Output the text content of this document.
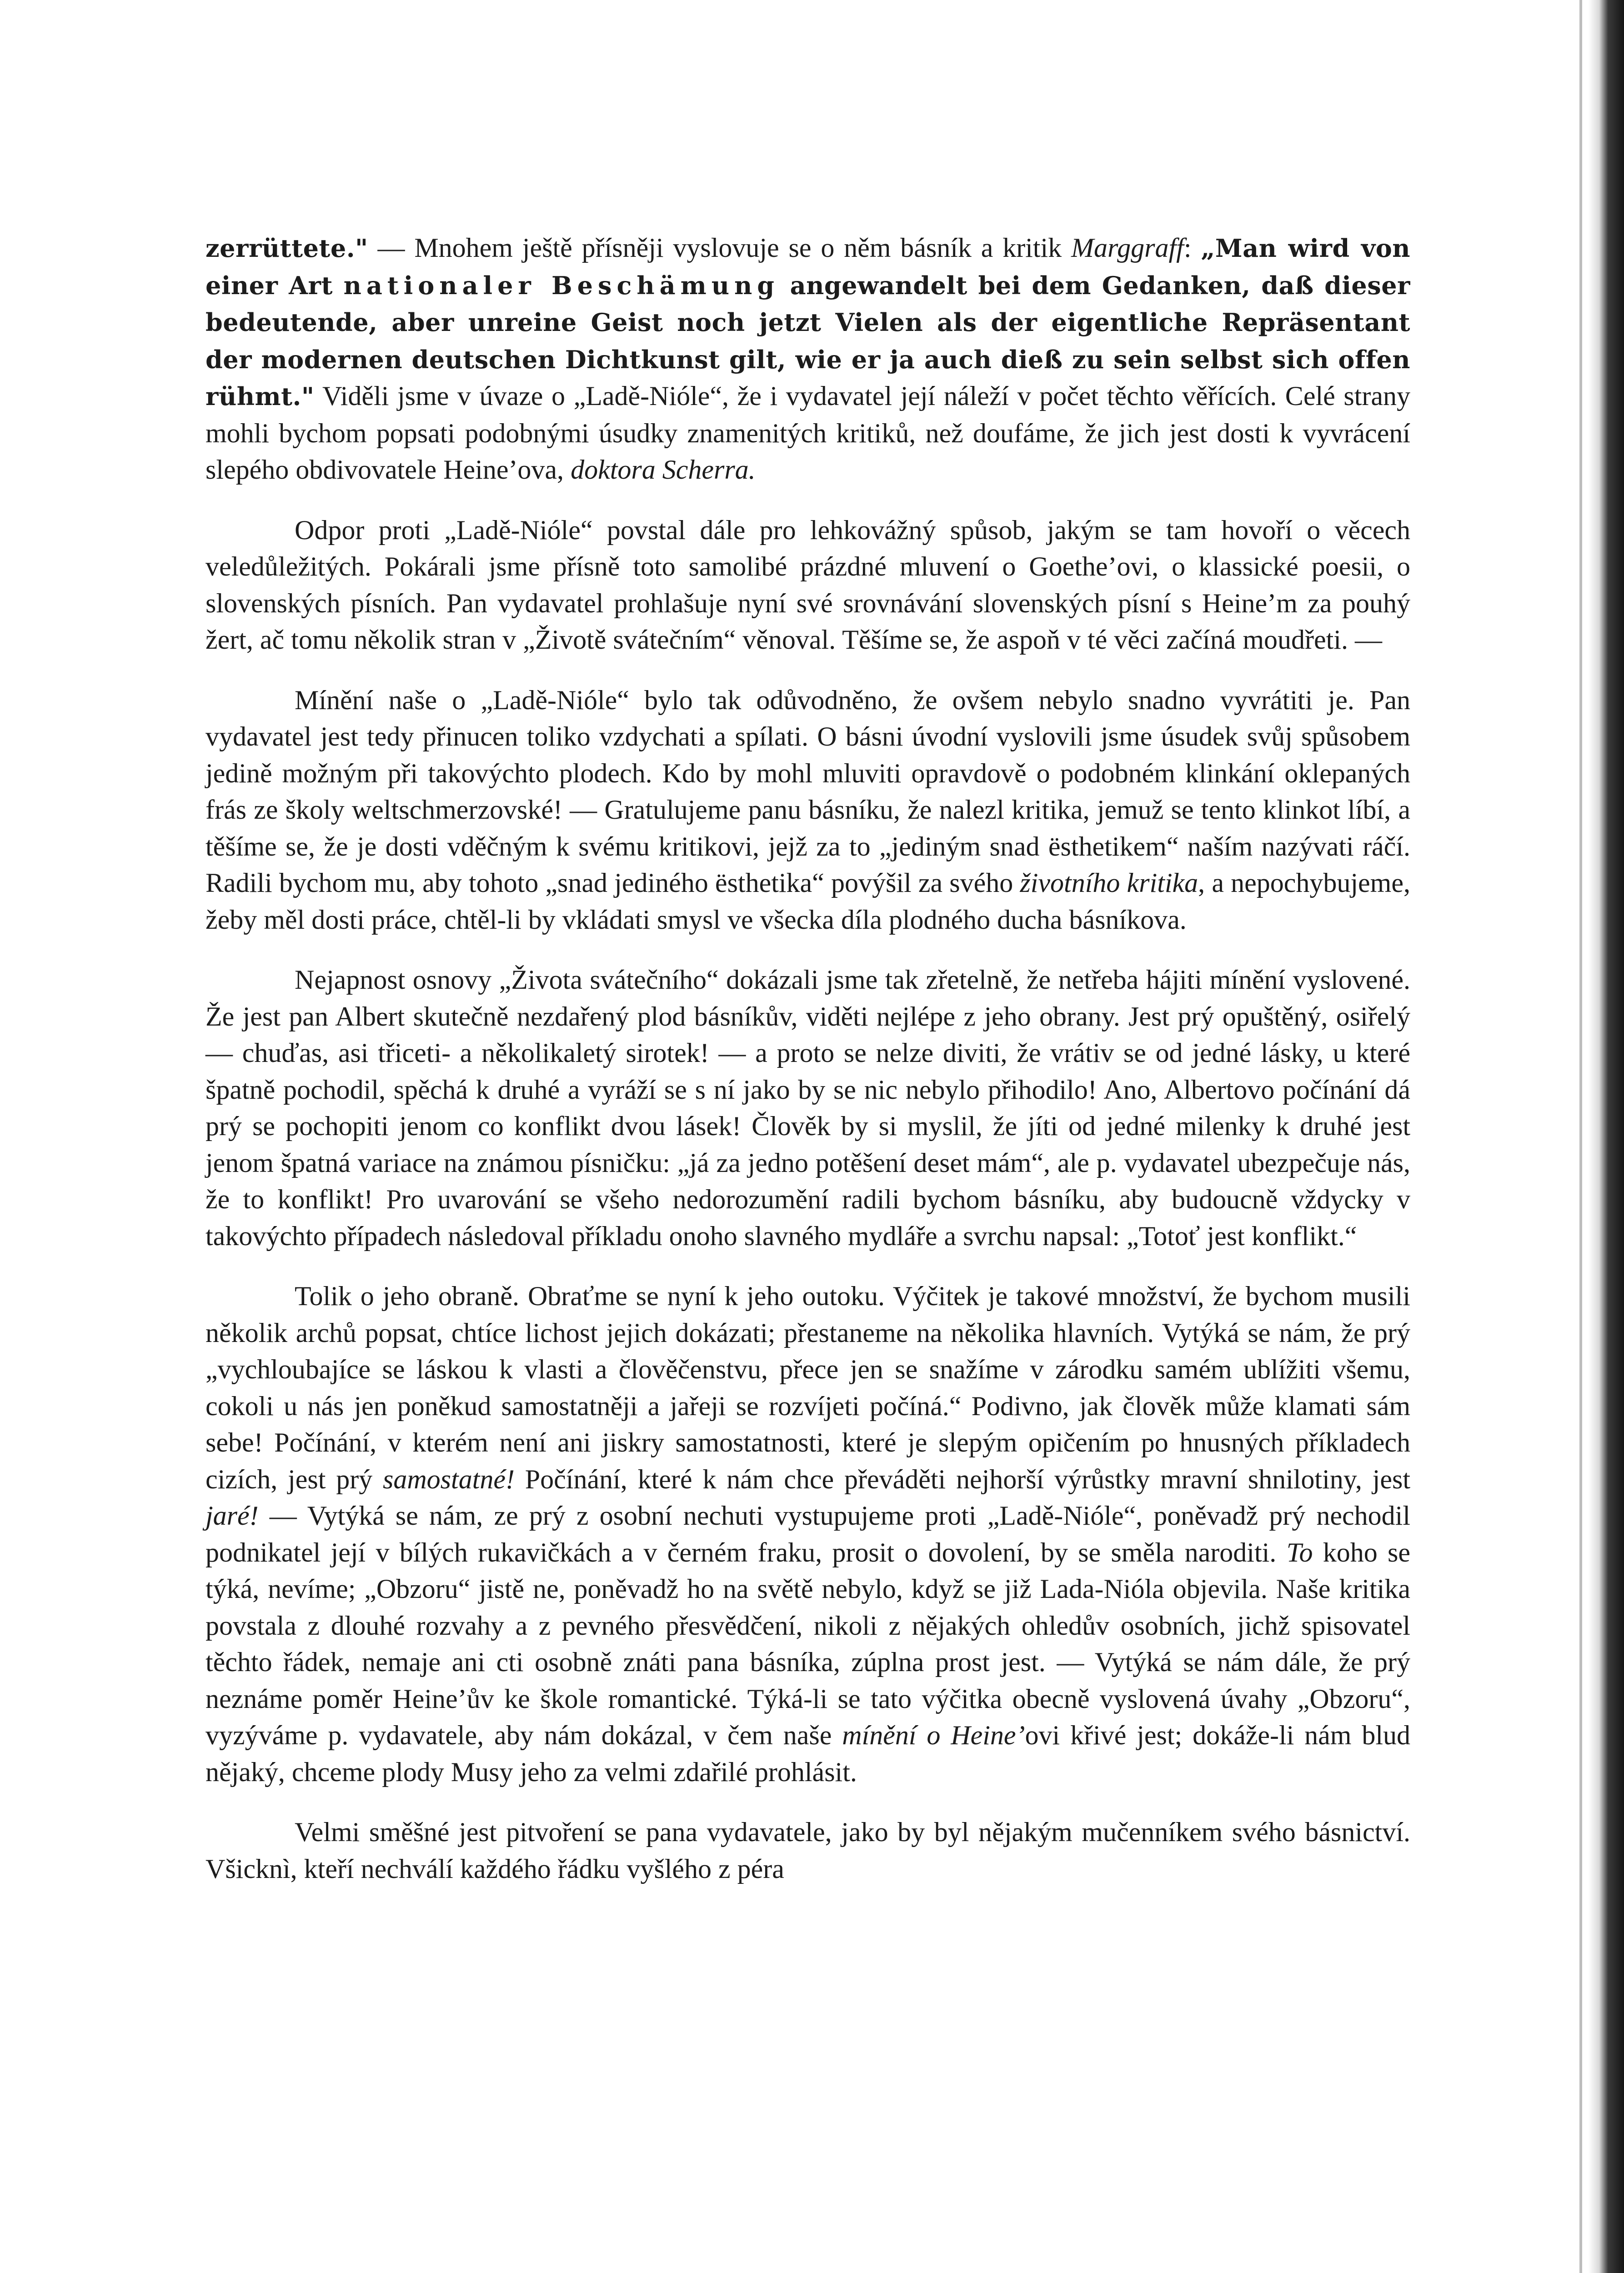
zerrüttete." — Mnohem ještě přísněji vyslovuje se o něm básník a kritik Marggraff: „Man wird von einer Art nationaler Beschämung angewandelt bei dem Gedanken, daß dieser bedeutende, aber unreine Geist noch jetzt Vielen als der eigentliche Repräsentant der modernen deutschen Dichtkunst gilt, wie er ja auch dieß zu sein selbst sich offen rühmt." Viděli jsme v úvaze o „Ladě-Nióle“, že i vydavatel její náleží v počet těchto věřících. Celé strany mohli bychom popsati podobnými úsudky znamenitých kritiků, než doufáme, že jich jest dosti k vyvrácení slepého obdivovatele Heine’ova, doktora Scherra.

Odpor proti „Ladě-Nióle“ povstal dále pro lehkovážný spůsob, jakým se tam hovoří o věcech veledůležitých. Pokárali jsme přísně toto samolibé prázdné mluvení o Goethe’ovi, o klassické poesii, o slovenských písních. Pan vydavatel prohlašuje nyní své srovnávání slovenských písní s Heine’m za pouhý žert, ač tomu několik stran v „Životě svátečním“ věnoval. Těšíme se, že aspoň v té věci začíná moudřeti. —

Mínění naše o „Ladě-Nióle“ bylo tak odůvodněno, že ovšem nebylo snadno vyvrátiti je. Pan vydavatel jest tedy přinucen toliko vzdychati a spílati. O básni úvodní vyslovili jsme úsudek svůj spůsobem jedině možným při takovýchto plodech. Kdo by mohl mluviti opravdově o podobném klinkání oklepaných frás ze školy weltschmerzovské! — Gratulujeme panu básníku, že nalezl kritika, jemuž se tento klinkot líbí, a těšíme se, že je dosti vděčným k svému kritikovi, jejž za to „jediným snad ësthetikem“ naším nazývati ráčí. Radili bychom mu, aby tohoto „snad jediného ësthetika“ povýšil za svého životního kritika, a nepochybujeme, žeby měl dosti práce, chtěl-li by vkládati smysl ve všecka díla plodného ducha básníkova.

Nejapnost osnovy „Života svátečního“ dokázali jsme tak zřetelně, že netřeba hájiti mínění vyslovené. Že jest pan Albert skutečně nezdařený plod básníkův, viděti nejlépe z jeho obrany. Jest prý opuštěný, osiřelý — chuďas, asi třiceti- a několikaletý sirotek! — a proto se nelze diviti, že vrátiv se od jedné lásky, u které špatně pochodil, spěchá k druhé a vyráží se s ní jako by se nic nebylo přihodilo! Ano, Albertovo počínání dá prý se pochopiti jenom co konflikt dvou lásek! Člověk by si myslil, že jíti od jedné milenky k druhé jest jenom špatná variace na známou písničku: „já za jedno potěšení deset mám“, ale p. vydavatel ubezpečuje nás, že to konflikt! Pro uvarování se všeho nedorozumění radili bychom básníku, aby budoucně vždycky v takovýchto případech následoval příkladu onoho slavného mydláře a svrchu napsal: „Totoť jest konflikt.“

Tolik o jeho obraně. Obraťme se nyní k jeho outoku. Výčitek je takové množství, že bychom musili několik archů popsat, chtíce lichost jejich dokázati; přestaneme na několika hlavních. Vytýká se nám, že prý „vychloubajíce se láskou k vlasti a člověčenstvu, přece jen se snažíme v zárodku samém ublížiti všemu, cokoli u nás jen poněkud samostatněji a jařeji se rozvíjeti počíná.“ Podivno, jak člověk může klamati sám sebe! Počínání, v kterém není ani jiskry samostatnosti, které je slepým opičením po hnusných příkladech cizích, jest prý samostatné! Počínání, které k nám chce převáděti nejhorší výrůstky mravní shnilotiny, jest jaré! — Vytýká se nám, ze prý z osobní nechuti vystupujeme proti „Ladě-Nióle“, poněvadž prý nechodil podnikatel její v bílých rukavičkách a v černém fraku, prosit o dovolení, by se směla naroditi. To koho se týká, nevíme; „Obzoru“ jistě ne, poněvadž ho na světě nebylo, když se již Lada-Nióla objevila. Naše kritika povstala z dlouhé rozvahy a z pevného přesvědčení, nikoli z nějakých ohledův osobních, jichž spisovatel těchto řádek, nemaje ani cti osobně znáti pana básníka, zúplna prost jest. — Vytýká se nám dále, že prý neznáme poměr Heine’ův ke škole romantické. Týká-li se tato výčitka obecně vyslovená úvahy „Obzoru“, vyzýváme p. vydavatele, aby nám dokázal, v čem naše mínění o Heine’ovi křivé jest; dokáže-li nám blud nějaký, chceme plody Musy jeho za velmi zdařilé prohlásit.

Velmi směšné jest pitvoření se pana vydavatele, jako by byl nějakým mučenníkem svého básnictví. Všicknì, kteří nechválí každého řádku vyšlého z péra
